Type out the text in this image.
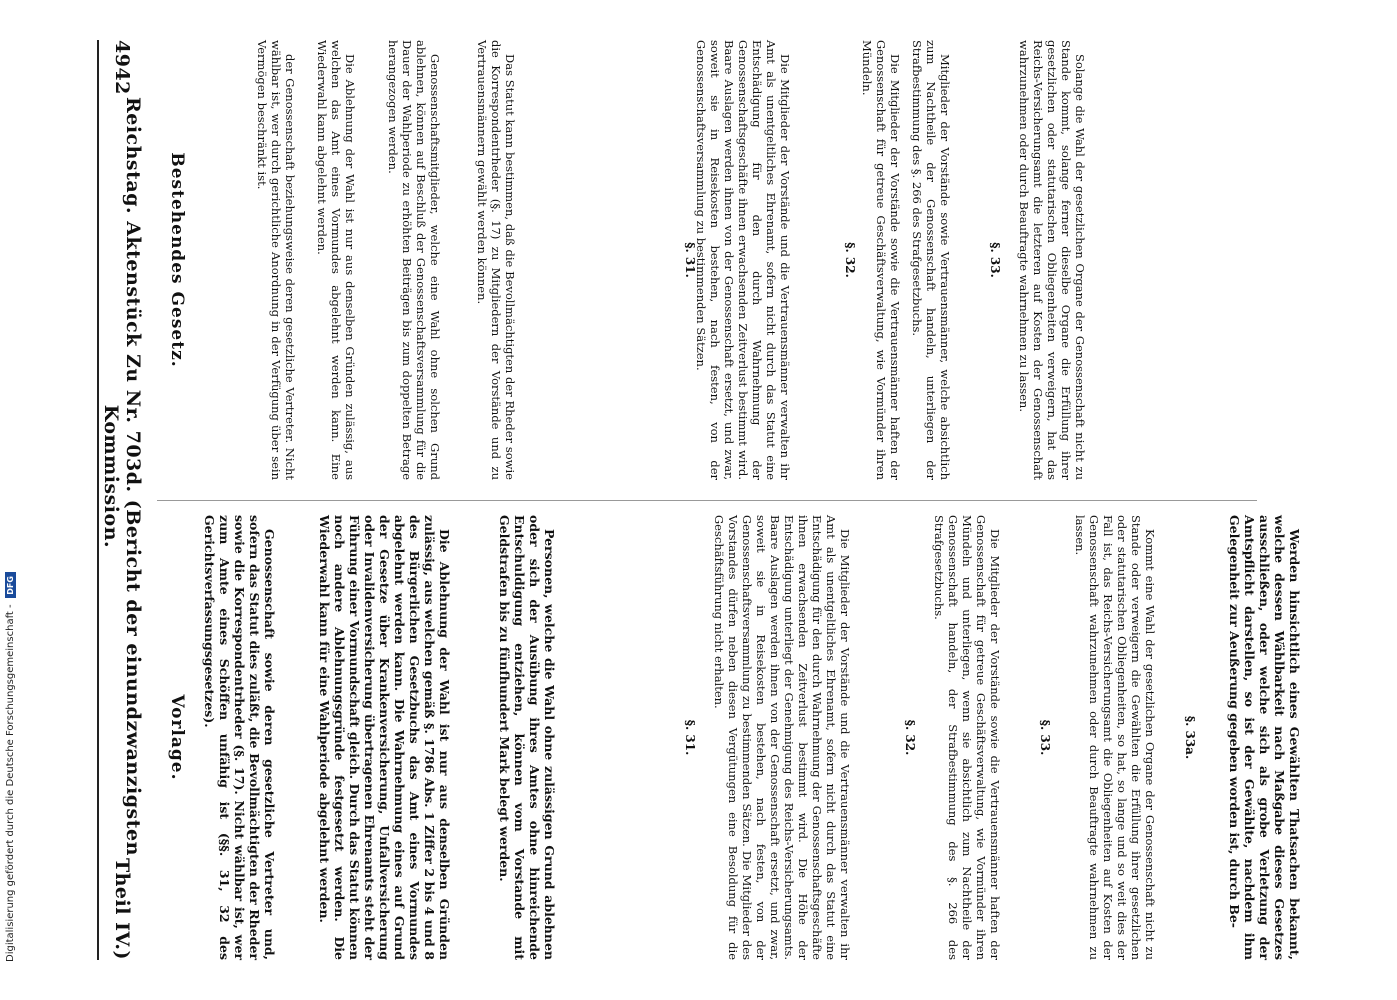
4942
Reichstag. Aktenstück Zu Nr. 703d. (Bericht der einundzwanzigsten Kommission.
Theil IV.)
Bestehendes Gesetz.	der Genossenschaft beziehungsweise deren gesetzliche Vertreter. Nicht wählbar ist, wer durch gerichtliche Anordnung in der Verfügung über sein Vermögen beschränkt ist.	Die Ablehnung der Wahl ist nur aus denselben Gründen zulässig, aus welchen das Amt eines Vormundes abgelehnt werden kann. Eine Wiederwahl kann abgelehnt werden.	Genossenschaftsmitglieder, welche eine Wahl ohne solchen Grund ablehnen, können auf Beschluß der Genossenschaftsversammlung für die Dauer der Wahlperiode zu erhöhten Beiträgen bis zum doppelten Betrage herangezogen werden.	Das Statut kann bestimmen, daß die Bevollmächtigten der Rheder sowie die Korrespondentrheder (§. 17) zu Mitgliedern der Vorstände und zu Vertrauensmännern gewählt werden können.	§. 31.	Die Mitglieder der Vorstände und die Vertrauensmänner verwalten ihr Amt als unentgeltliches Ehrenamt, sofern nicht durch das Statut eine Entschädigung für den durch Wahrnehmung der Genossenschaftsgeschäfte ihnen erwachsenden Zeitverlust bestimmt wird. Baare Auslagen werden ihnen von der Genossenschaft ersetzt, und zwar, soweit sie in Reisekosten bestehen, nach festen, von der Genossenschaftsversammlung zu bestimmenden Sätzen.	§. 32.	Die Mitglieder der Vorstände sowie die Vertrauensmänner haften der Genossenschaft für getreue Geschäftsverwaltung, wie Vormünder ihren Mündeln.	Mitglieder der Vorstände sowie Vertrauensmänner, welche absichtlich zum Nachtheile der Genossenschaft handeln, unterliegen der Strafbestimmung des §. 266 des Strafgesetzbuchs.	§. 33.	Solange die Wahl der gesetzlichen Organe der Genossenschaft nicht zu Stande kommt, solange ferner dieselbe Organe die Erfüllung ihrer gesetzlichen oder statutarischen Obliegenheiten verweigern, hat das Reichs-Versicherungsamt die letzteren auf Kosten der Genossenschaft wahrzunehmen oder durch Beauftragte wahrnehmen zu lassen.

Vorlage.	Genossenschaft sowie deren gesetzliche Vertreter und, sofern das Statut dies zuläßt, die Bevollmächtigten der Rheder sowie die Korrespondentrheder (§. 17). Nicht wählbar ist, wer zum Amte eines Schöffen unfähig ist (§§. 31, 32 des Gerichtsverfassungsgesetzes).	Die Ablehnung der Wahl ist nur aus denselben Gründen zulässig, aus welchen gemäß §. 1786 Abs. 1 Ziffer 2 bis 4 und 8 des Bürgerlichen Gesetzbuchs das Amt eines Vormundes abgelehnt werden kann. Die Wahrnehmung eines auf Grund der Gesetze über Krankenversicherung, Unfallversicherung oder Invalidenversicherung übertragenen Ehrenamts steht der Führung einer Vormundschaft gleich. Durch das Statut können noch andere Ablehnungsgründe festgesetzt werden. Die Wiederwahl kann für eine Wahlperiode abgelehnt werden.	Personen, welche die Wahl ohne zulässigen Grund ablehnen oder sich der Ausübung ihres Amtes ohne hinreichende Entschuldigung entziehen, können vom Vorstande mit Geldstrafen bis zu fünfhundert Mark belegt werden.	§. 31.	Die Mitglieder der Vorstände und die Vertrauensmänner verwalten ihr Amt als unentgeltliches Ehrenamt, sofern nicht durch das Statut eine Entschädigung für den durch Wahrnehmung der Genossenschaftsgeschäfte ihnen erwachsenden Zeitverlust bestimmt wird. Die Höhe der Entschädigung unterliegt der Genehmigung des Reichs-Versicherungsamts. Baare Auslagen werden ihnen von der Genossenschaft ersetzt, und zwar, soweit sie in Reisekosten bestehen, nach festen, von der Genossenschaftsversammlung zu bestimmenden Sätzen. Die Mitglieder des Vorstandes dürfen neben diesen Vergütungen eine Besoldung für die Geschäftsführung nicht erhalten.

§. 32.	Die Mitglieder der Vorstände sowie die Vertrauensmänner haften der Genossenschaft für getreue Geschäftsverwaltung, wie Vormünder ihren Mündeln und unterliegen, wenn sie absichtlich zum Nachtheile der Genossenschaft handeln, der Strafbestimmung des §. 266 des Strafgesetzbuchs.

§. 33.	Kommt eine Wahl der gesetzlichen Organe der Genossenschaft nicht zu Stande oder verweigern die Gewählten die Erfüllung ihrer gesetzlichen oder statutarischen Obliegenheiten, so hat, so lange und so weit dies der Fall ist, das Reichs-Versicherungsamt die Obliegenheiten auf Kosten der Genossenschaft wahrzunehmen oder durch Beauftragte wahrnehmen zu lassen.

§. 33a.	Werden hinsichtlich eines Gewählten Thatsachen bekannt, welche dessen Wählbarkeit nach Maßgabe dieses Gesetzes ausschließen, oder welche sich als grobe Verletzung der Amtspflicht darstellen, so ist der Gewählte, nachdem ihm Gelegenheit zur Aeußerung gegeben worden ist, durch Be-

Digitalisierung gefördert durch die Deutsche Forschungsgemeinschaft -
DFG
